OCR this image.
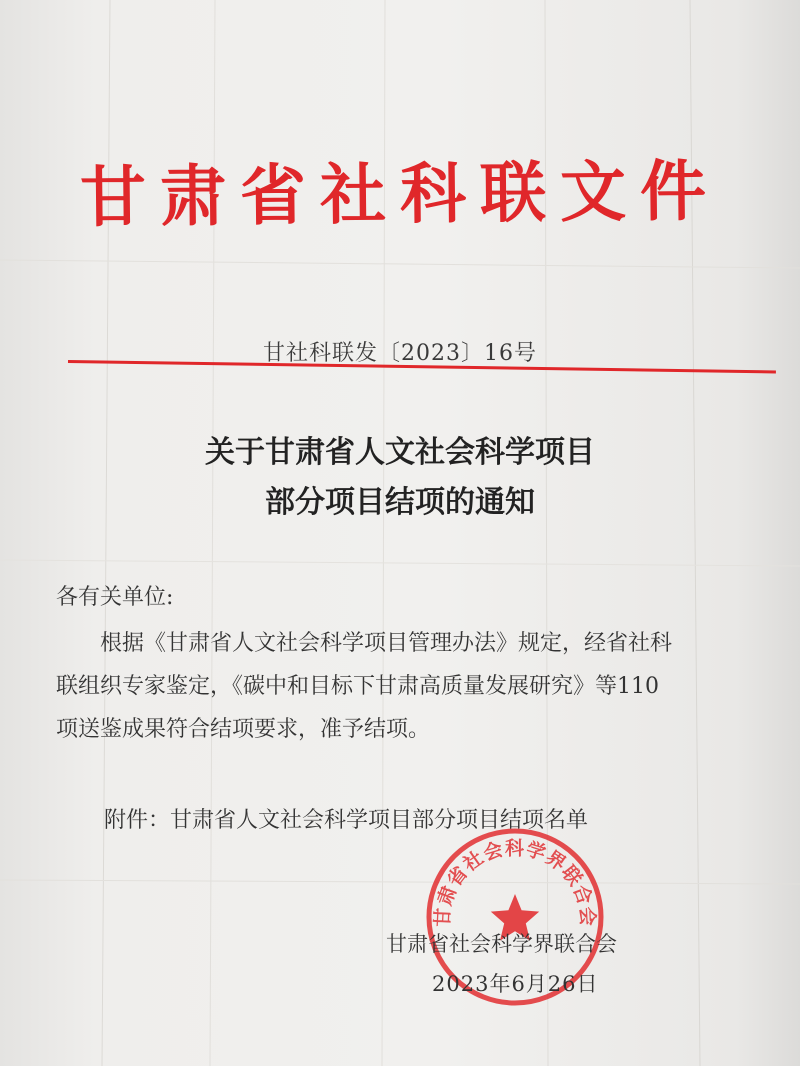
甘肃省社科联文件
甘社科联发〔2023〕16号
关于甘肃省人文社会科学项目
部分项目结项的通知
各有关单位:
　　根据《甘肃省人文社会科学项目管理办法》规定，经省社科
联组织专家鉴定，《碳中和目标下甘肃高质量发展研究》等110
项送鉴成果符合结项要求，准予结项。
附件：甘肃省人文社会科学项目部分项目结项名单
甘肃省社会科学界联合会
甘肃省社会科学界联合会
2023年6月26日
